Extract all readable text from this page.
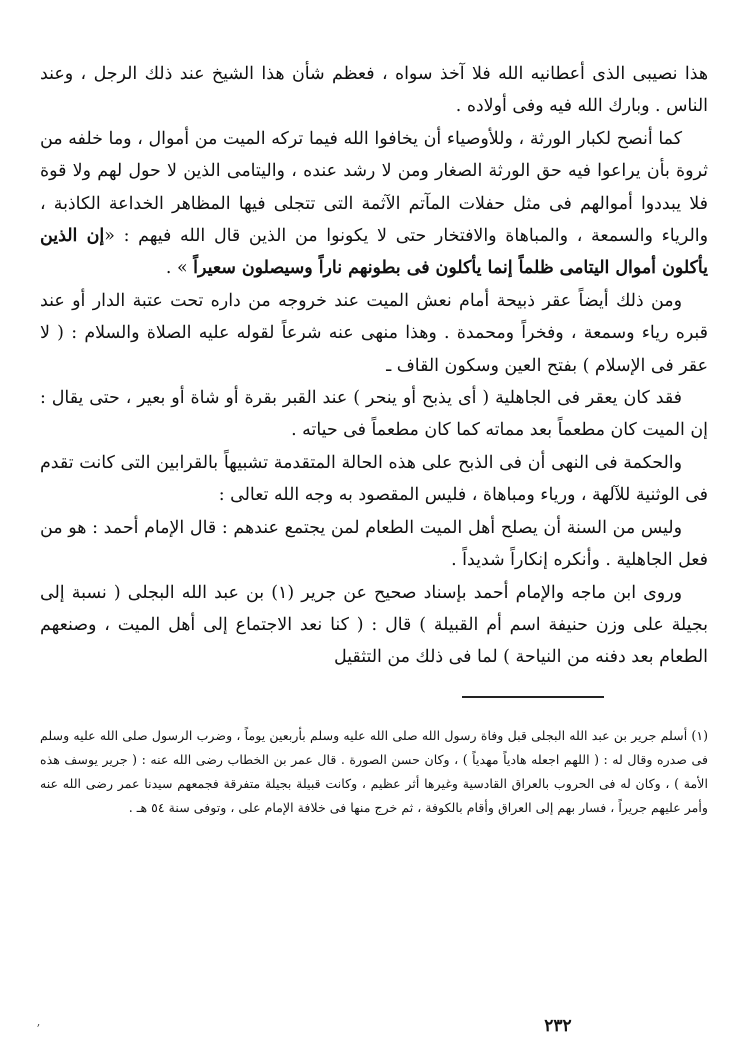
هذا نصيبى الذى أعطانيه الله فلا آخذ سواه ، فعظم شأن هذا الشيخ عند ذلك الرجل ، وعند الناس . وبارك الله فيه وفى أولاده .

كما أنصح لكبار الورثة ، وللأوصياء أن يخافوا الله فيما تركه الميت من أموال ، وما خلفه من ثروة بأن يراعوا فيه حق الورثة الصغار ومن لا رشد عنده ، واليتامى الذين لا حول لهم ولا قوة فلا يبددوا أموالهم فى مثل حفلات المآتم الآثمة التى تتجلى فيها المظاهر الخداعة الكاذبة ، والرياء والسمعة ، والمباهاة والافتخار حتى لا يكونوا من الذين قال الله فيهم : «إن الذين يأكلون أموال اليتامى ظلماً إنما يأكلون فى بطونهم ناراً وسيصلون سعيراً » .

ومن ذلك أيضاً عقر ذبيحة أمام نعش الميت عند خروجه من داره تحت عتبة الدار أو عند قبره رياء وسمعة ، وفخراً ومحمدة . وهذا منهى عنه شرعاً لقوله عليه الصلاة والسلام : ( لا عقر فى الإسلام ) بفتح العين وسكون القاف ـ

فقد كان يعقر فى الجاهلية ( أى يذبح أو ينحر ) عند القبر بقرة أو شاة أو بعير ، حتى يقال : إن الميت كان مطعماً بعد مماته كما كان مطعماً فى حياته .

والحكمة فى النهى أن فى الذبح على هذه الحالة المتقدمة تشبيهاً بالقرابين التى كانت تقدم فى الوثنية للآلهة ، ورياء ومباهاة ، فليس المقصود به وجه الله تعالى :

وليس من السنة أن يصلح أهل الميت الطعام لمن يجتمع عندهم : قال الإمام أحمد : هو من فعل الجاهلية . وأنكره إنكاراً شديداً .

وروى ابن ماجه والإمام أحمد بإسناد صحيح عن جرير (١) بن عبد الله البجلى ( نسبة إلى بجيلة على وزن حنيفة اسم أم القبيلة ) قال : ( كنا نعد الاجتماع إلى أهل الميت ، وصنعهم الطعام بعد دفنه من النياحة ) لما فى ذلك من التثقيل

(١) أسلم جرير بن عبد الله البجلى قبل وفاة رسول الله صلى الله عليه وسلم بأربعين يوماً ، وضرب الرسول صلى الله عليه وسلم فى صدره وقال له : ( اللهم اجعله هادياً مهدياً ) ، وكان حسن الصورة . قال عمر بن الخطاب رضى الله عنه : ( جرير يوسف هذه الأمة ) ، وكان له فى الحروب بالعراق القادسية وغيرها أثر عظيم ، وكانت قبيلة بجيلة متفرقة فجمعهم سيدنا عمر رضى الله عنه وأمر عليهم جريراً ، فسار بهم إلى العراق وأقام بالكوفة ، ثم خرج منها فى خلافة الإمام على ، وتوفى سنة ٥٤ هـ .

٢٣٢
ʼ
